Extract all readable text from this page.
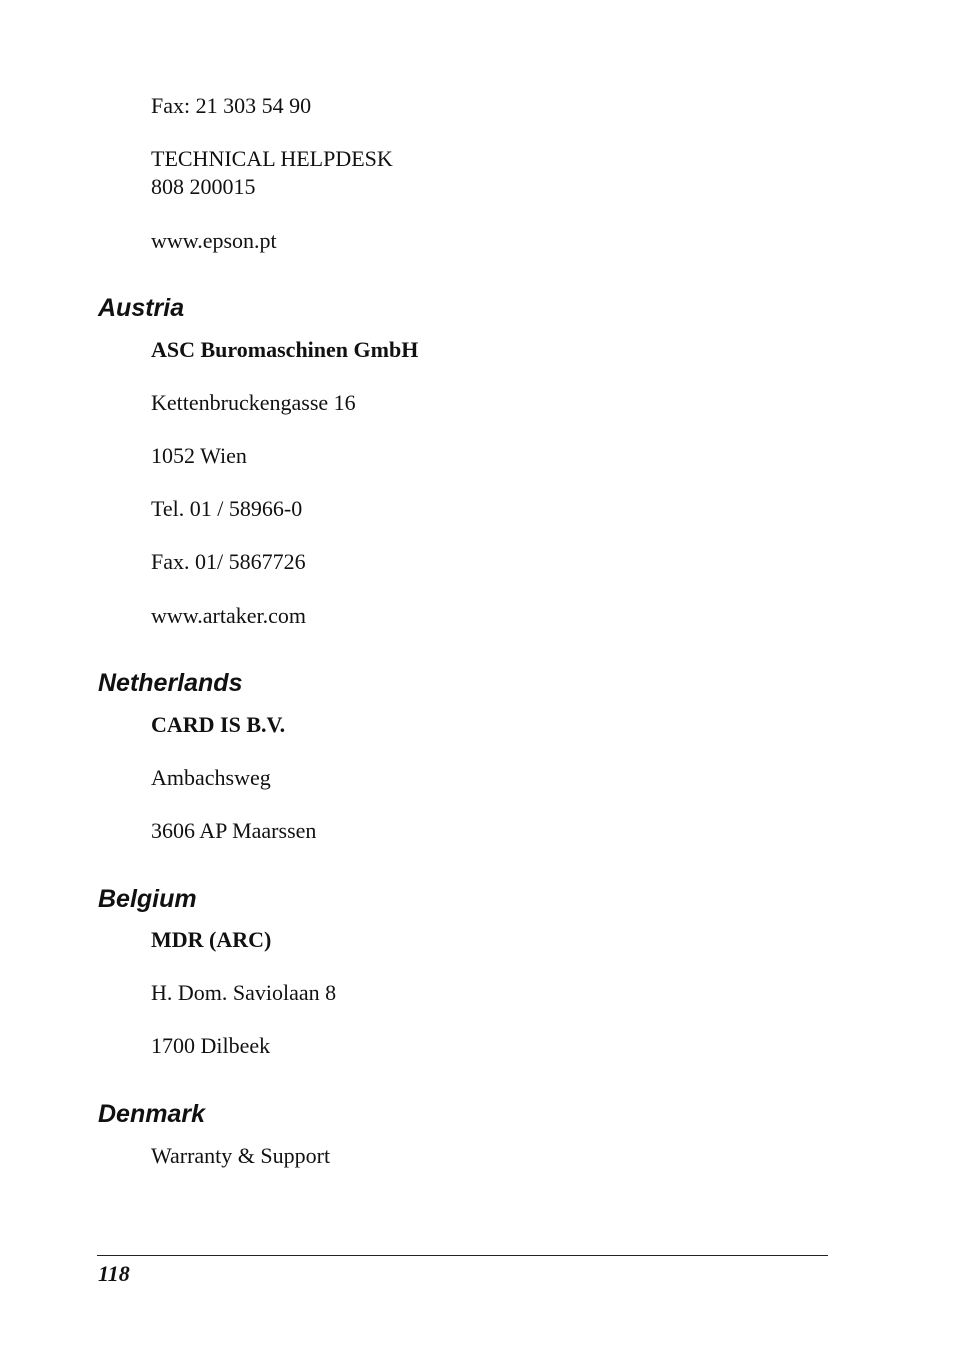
Fax: 21 303 54 90

TECHNICAL HELPDESK

808 200015

www.epson.pt

Austria

ASC Buromaschinen GmbH

Kettenbruckengasse 16

1052 Wien

Tel. 01 / 58966-0

Fax. 01/ 5867726

www.artaker.com

Netherlands

CARD IS B.V.

Ambachsweg

3606 AP Maarssen

Belgium

MDR (ARC)

H. Dom. Saviolaan 8

1700 Dilbeek

Denmark

Warranty & Support

118
